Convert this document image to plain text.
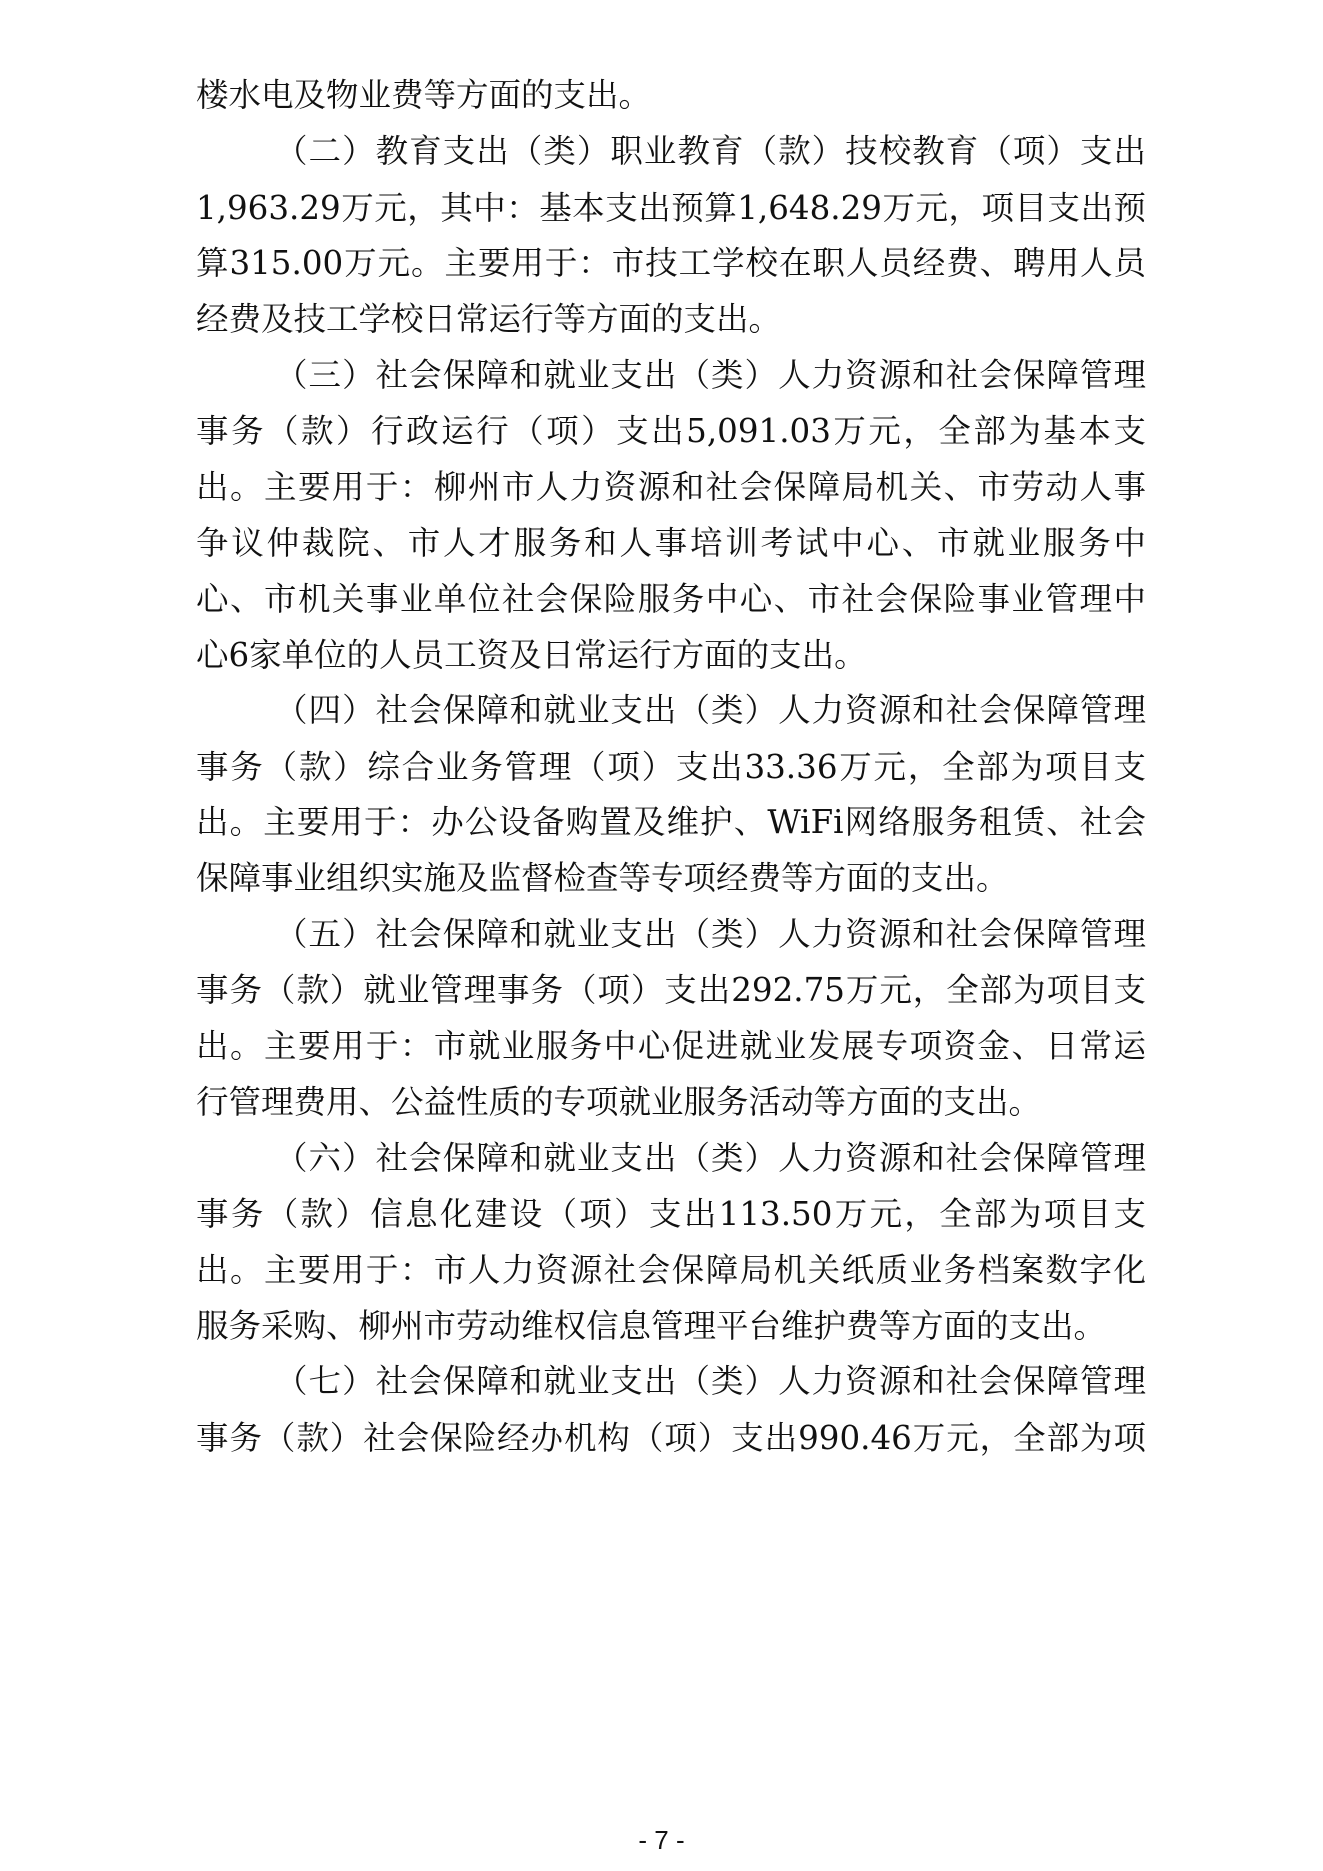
楼水电及物业费等方面的支出。
（二）教育支出（类）职业教育（款）技校教育（项）支出
1,963.29万元，其中：基本支出预算1,648.29万元，项目支出预
算315.00万元。主要用于：市技工学校在职人员经费、聘用人员
经费及技工学校日常运行等方面的支出。
（三）社会保障和就业支出（类）人力资源和社会保障管理
事务（款）行政运行（项）支出5,091.03万元，全部为基本支
出。主要用于：柳州市人力资源和社会保障局机关、市劳动人事
争议仲裁院、市人才服务和人事培训考试中心、市就业服务中
心、市机关事业单位社会保险服务中心、市社会保险事业管理中
心6家单位的人员工资及日常运行方面的支出。
（四）社会保障和就业支出（类）人力资源和社会保障管理
事务（款）综合业务管理（项）支出33.36万元，全部为项目支
出。主要用于：办公设备购置及维护、WiFi网络服务租赁、社会
保障事业组织实施及监督检查等专项经费等方面的支出。
（五）社会保障和就业支出（类）人力资源和社会保障管理
事务（款）就业管理事务（项）支出292.75万元，全部为项目支
出。主要用于：市就业服务中心促进就业发展专项资金、日常运
行管理费用、公益性质的专项就业服务活动等方面的支出。
（六）社会保障和就业支出（类）人力资源和社会保障管理
事务（款）信息化建设（项）支出113.50万元，全部为项目支
出。主要用于：市人力资源社会保障局机关纸质业务档案数字化
服务采购、柳州市劳动维权信息管理平台维护费等方面的支出。
（七）社会保障和就业支出（类）人力资源和社会保障管理
事务（款）社会保险经办机构（项）支出990.46万元，全部为项
- 7 -
